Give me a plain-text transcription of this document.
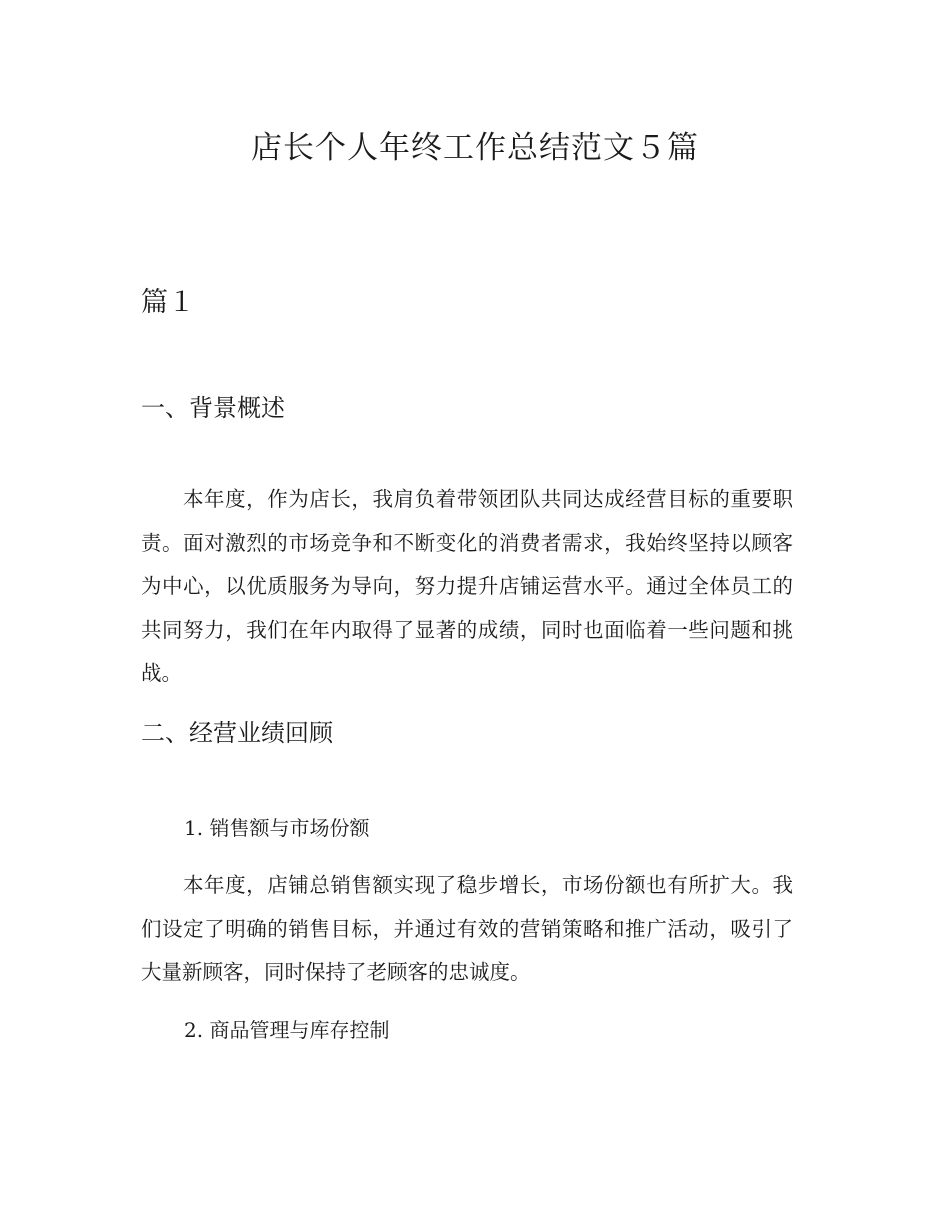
店长个人年终工作总结范文５篇
篇１
一、背景概述

本年度，作为店长，我肩负着带领团队共同达成经营目标的重要职责。面对激烈的市场竞争和不断变化的消费者需求，我始终坚持以顾客为中心，以优质服务为导向，努力提升店铺运营水平。通过全体员工的共同努力，我们在年内取得了显著的成绩，同时也面临着一些问题和挑战。

二、经营业绩回顾
1. 销售额与市场份额

本年度，店铺总销售额实现了稳步增长，市场份额也有所扩大。我们设定了明确的销售目标，并通过有效的营销策略和推广活动，吸引了大量新顾客，同时保持了老顾客的忠诚度。

2. 商品管理与库存控制
